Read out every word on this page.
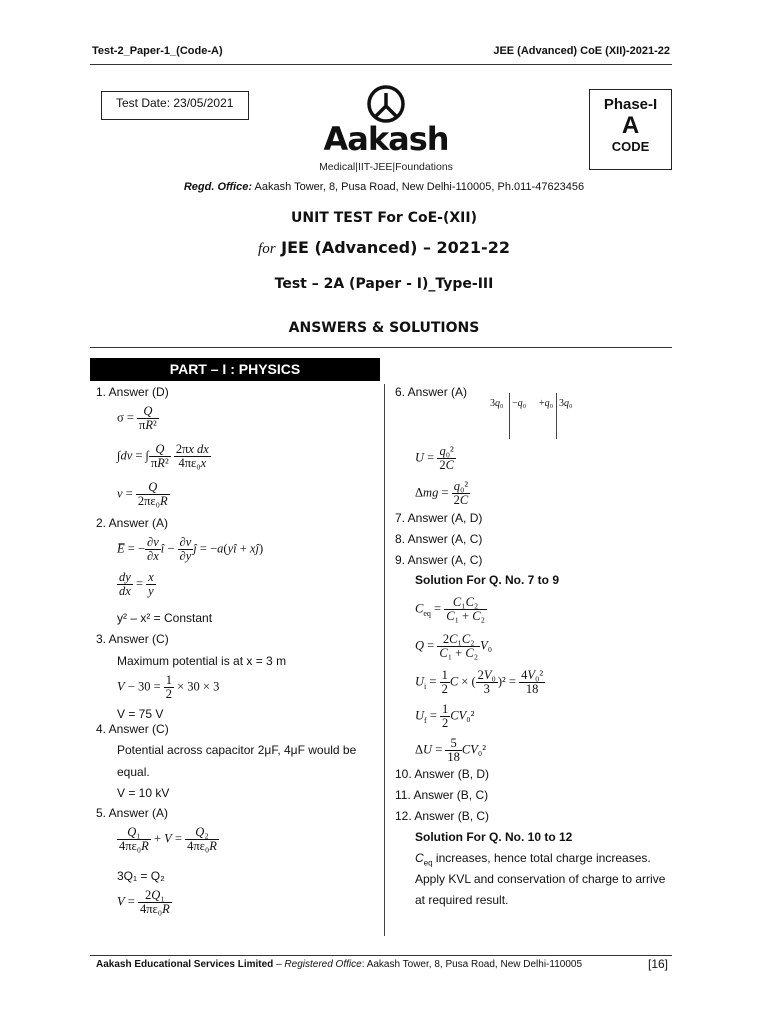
Test-2_Paper-1_(Code-A)	JEE (Advanced) CoE (XII)-2021-22
Test Date: 23/05/2021
Aakash
Medical|IIT-JEE|Foundations
Phase-I
A
CODE
Regd. Office: Aakash Tower, 8, Pusa Road, New Delhi-110005, Ph.011-47623456
UNIT TEST For CoE-(XII)
for JEE (Advanced) – 2021-22
Test – 2A (Paper - I)_Type-III
ANSWERS & SOLUTIONS
PART – I : PHYSICS
1. Answer (D)
$\sigma = \frac{Q}{\text{πR²}}$
∫dv = ∫ $\frac{Q}{\text{πR²}}$
$\frac{\text{2πx dx}}{\text{4πε₀x}}$
$v = \frac{Q}{\text{2πε₀R}}$
2. Answer (A)
E̅ = − $\frac{\partial v}{\partial x}$ î − $\frac{\partial v}{\partial y}$ ĵ = −a(yî + xĵ)
$\frac{dy}{dx} = \frac{x}{y}$
y² – x² = Constant
3. Answer (C)
Maximum potential is at x = 3 m
$V - 30 = \frac{1}{2} \times 30 \times 3$
V = 75 V
4. Answer (C)
Potential across capacitor 2μF, 4μF would be
equal.
V = 10 kV
5. Answer (A)
$\frac{\text{Q₁}}{\text{4πε₀R}} + V = \frac{\text{Q₂}}{\text{4πε₀R}}$
3Q₁ = Q₂
$V = \frac{\text{2Q₁}}{\text{4πε₀R}}$
6. Answer (A)
3q₀ −q₀ +q₀ 3q₀
$U = \frac{\text{q₀²}}{2C}$
$\Delta mg = \frac{\text{q₀²}}{2C}$
7. Answer (A, D)
8. Answer (A, C)
9. Answer (A, C)
Solution For Q. No. 7 to 9
$C_{eq} = \frac{\text{C₁C₂}}{\text{C₁ + C₂}}$
$Q = \frac{\text{2C₁C₂}}{\text{C₁ + C₂}} V_0$
$U_i = \frac{1}{2}$ C × ( $\frac{\text{2V₀}}{3} )^2 = \frac{\text{4V₀²}}{18}$
$U_f = \frac{1}{2} CV_0^2$
$\Delta U = \frac{5}{18} CV_0^2$
10. Answer (B, D)
11. Answer (B, C)
12. Answer (B, C)
Solution For Q. No. 10 to 12
$C_{eq}$ increases, hence total charge increases.
Apply KVL and conservation of charge to arrive
at required result.
Aakash Educational Services Limited – Registered Office: Aakash Tower, 8, Pusa Road, New Delhi-110005	[16]
